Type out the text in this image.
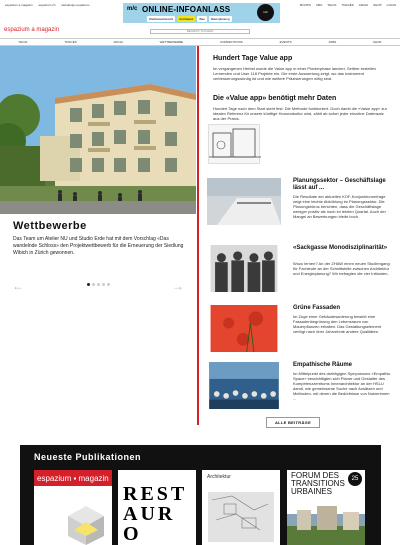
espazium a magazin espazium.ch webdesign espazium
m/c ONLINE-INFOANLASS
Wettbewerbsrecht	Architektur	Bau	Raumplanung
m/c
MOOPS ABO TEC21 TRACÉS ARCHI SHOP LOGIN
espazium a magazin	BEGRIFF SUCHEN
TEC21	TRACÉS	ARCHI	WETTBEWERBE	COMPETITIONS	EVENTS	JOBS	SHOP
Wettbewerbe
Das Team um Atelier NU und Studio Erde hat mit dem Vorschlag «Das wandelnde Schloss» den Projektwettbewerb für die Erneuerung der Siedlung Wibich in Zürich gewonnen.
←	→
Hundert Tage Value app
Im vergangenen Herbst wurde die Value app in einer Pionierphase lanciert. Seither erstellen Lernenden und User 118 Projekte ein. Die erste Auswertung zeigt, wo das Instrument verbesserungswürdig ist und wie weitere Präzisierungen nötig sind.
Die «Value app» benötigt mehr Daten
Hundert Tage nach dem Start steht fest: Die Methode funktioniert. Doch damit die «Value app» zur idealen Referenz für unsere künftige Honorarkultur wird, zählt ab sofort jeder einzelne Datensatz aus der Praxis.
Planungssektor – Geschäftslage lässt auf ...
Die Resultate der aktuellen KOF-Konjunkturumfrage zeigt eine leichte Abkühlung im Planungssektor. Die Planungsbüros berichten, dass die Geschäftslage weniger positiv als noch im letzten Quartal. Auch der Mangel an Bewerbungen bleibt hoch.
«Sackgasse Monodisziplinarität»
Wozu lernen? An der ZHAW einen neuen Studiengang für Fachleute an der Schnittstelle zwischen Architektur und Energieplanung? Wir befragten die vier Initianten.
Grüne Fassaden
Im Zuge einer Gebäudesanierung bewirkt eine Fassadenbegrünung den Lebensraum von Mauerpflanzen erhalten. Das Gestaltungselement verfügt nach über Jahrzehnte andere Qualitäten.
Empathische Räume
Im Mittelpunkt des dreitägigen Symposiums «Empathic Space» beschäftigten sich Planer und Gestalter des Kompetenzzentrums Innenarchitektur an der HSLU damit, wie gemeinsame Suche nach Ansätzen und Methoden, mit denen die Bedürfnisse von Nutzerinnen ...
ALLE BEITRÄGE
Neueste Publikationen
espazium ▪ magazin
RESTAURO
Architektur	FORUM DES TRANSITIONS URBAINES
25
